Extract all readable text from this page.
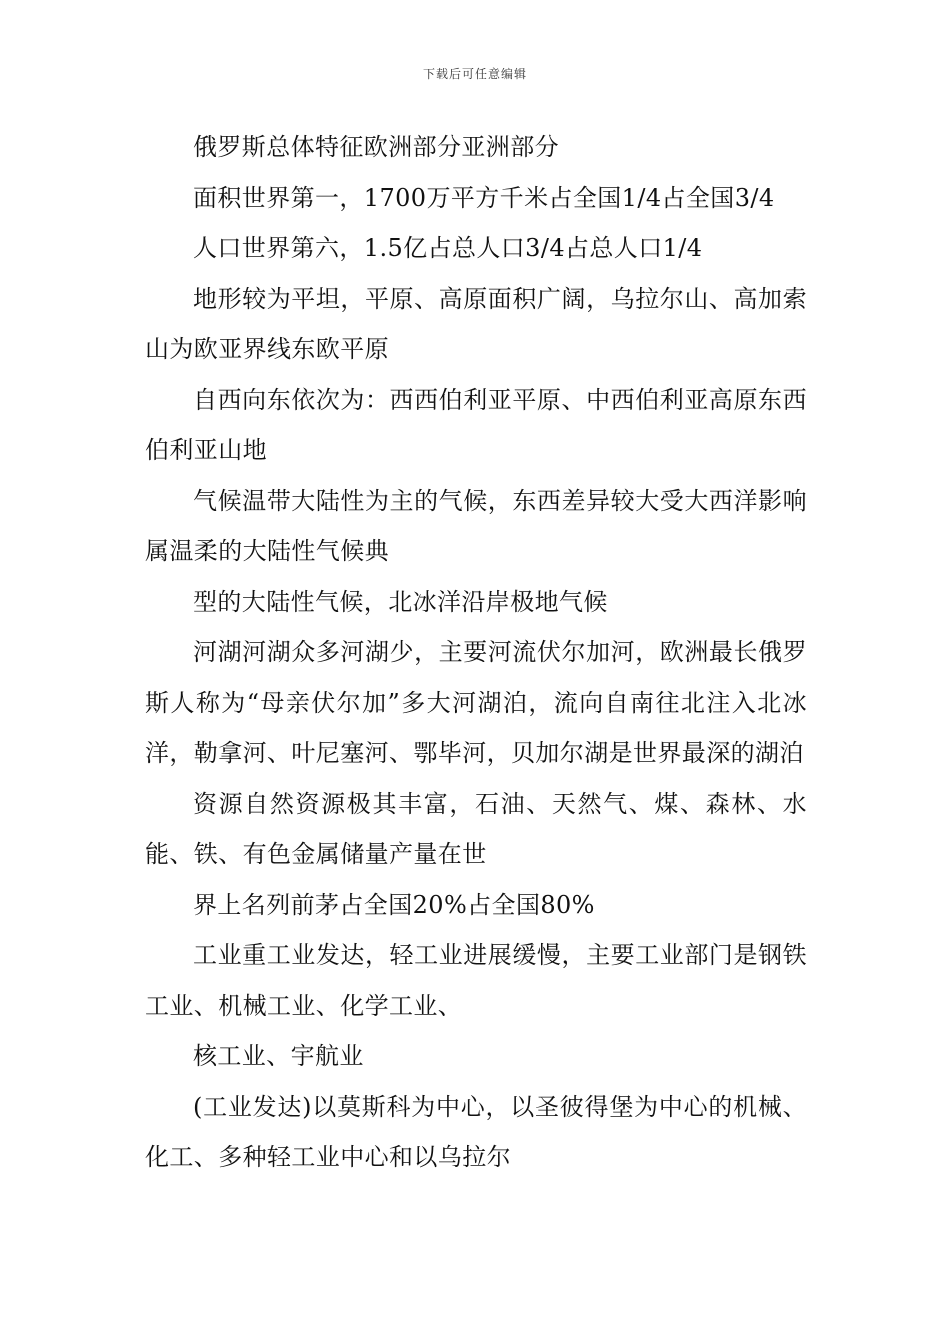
下载后可任意编辑

俄罗斯总体特征欧洲部分亚洲部分

面积世界第一，1700万平方千米占全国1/4占全国3/4

人口世界第六，1.5亿占总人口3/4占总人口1/4

地形较为平坦，平原、高原面积广阔，乌拉尔山、高加索山为欧亚界线东欧平原

自西向东依次为：西西伯利亚平原、中西伯利亚高原东西伯利亚山地

气候温带大陆性为主的气候，东西差异较大受大西洋影响属温柔的大陆性气候典

型的大陆性气候，北冰洋沿岸极地气候

河湖河湖众多河湖少，主要河流伏尔加河，欧洲最长俄罗斯人称为“母亲伏尔加”多大河湖泊，流向自南往北注入北冰洋，勒拿河、叶尼塞河、鄂毕河，贝加尔湖是世界最深的湖泊

资源自然资源极其丰富，石油、天然气、煤、森林、水能、铁、有色金属储量产量在世

界上名列前茅占全国20%占全国80%

工业重工业发达，轻工业进展缓慢，主要工业部门是钢铁工业、机械工业、化学工业、

核工业、宇航业

(工业发达)以莫斯科为中心，以圣彼得堡为中心的机械、化工、多种轻工业中心和以乌拉尔
